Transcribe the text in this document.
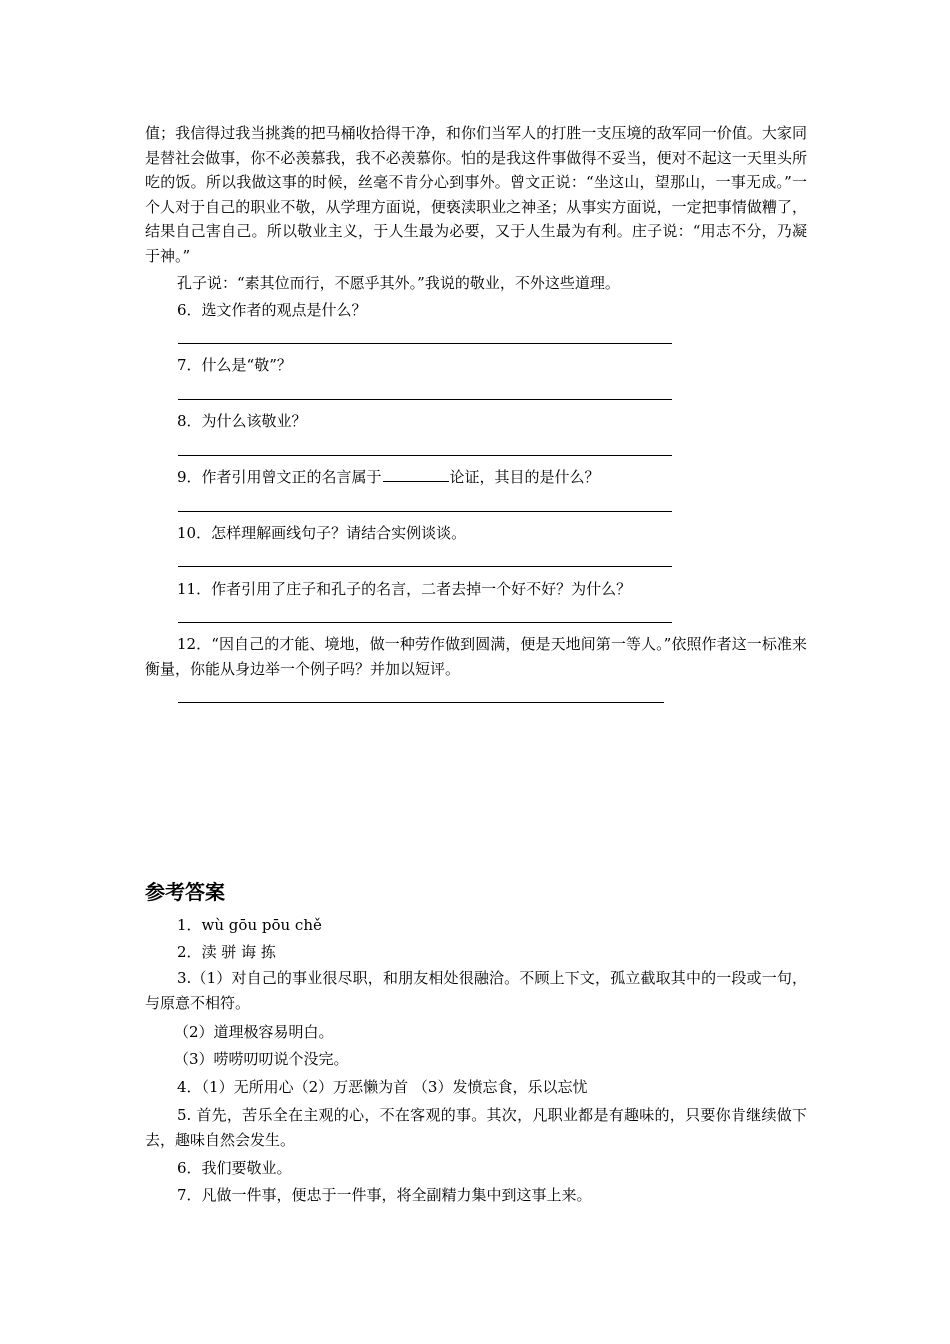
值；我信得过我当挑粪的把马桶收拾得干净，和你们当军人的打胜一支压境的敌军同一价值。大家同是替社会做事，你不必羡慕我，我不必羡慕你。怕的是我这件事做得不妥当，便对不起这一天里头所吃的饭。所以我做这事的时候，丝毫不肯分心到事外。曾文正说：“坐这山，望那山，一事无成。”一个人对于自己的职业不敬，从学理方面说，便亵渎职业之神圣；从事实方面说，一定把事情做糟了，结果自己害自己。所以敬业主义，于人生最为必要，又于人生最为有利。庄子说：“用志不分，乃凝于神。”

孔子说：“素其位而行，不愿乎其外。”我说的敬业，不外这些道理。

6．选文作者的观点是什么？

7．什么是“敬”？

8．为什么该敬业？

9．作者引用曾文正的名言属于	论证，其目的是什么？

10．怎样理解画线句子？请结合实例谈谈。

11．作者引用了庄子和孔子的名言，二者去掉一个好不好？为什么？

12．“因自己的才能、境地，做一种劳作做到圆满，便是天地间第一等人。”依照作者这一标准来衡量，你能从身边举一个例子吗？并加以短评。

参考答案

1．wù gōu pōu chě

2．渎 骈 诲 拣

3.（1）对自己的事业很尽职，和朋友相处很融洽。不顾上下文，孤立截取其中的一段或一句，与原意不相符。

（2）道理极容易明白。

（3）唠唠叨叨说个没完。

4．（1）无所用心（2）万恶懒为首 （3）发愤忘食，乐以忘忧

5. 首先，苦乐全在主观的心，不在客观的事。其次，凡职业都是有趣味的，只要你肯继续做下去，趣味自然会发生。

6．我们要敬业。

7．凡做一件事，便忠于一件事，将全副精力集中到这事上来。
